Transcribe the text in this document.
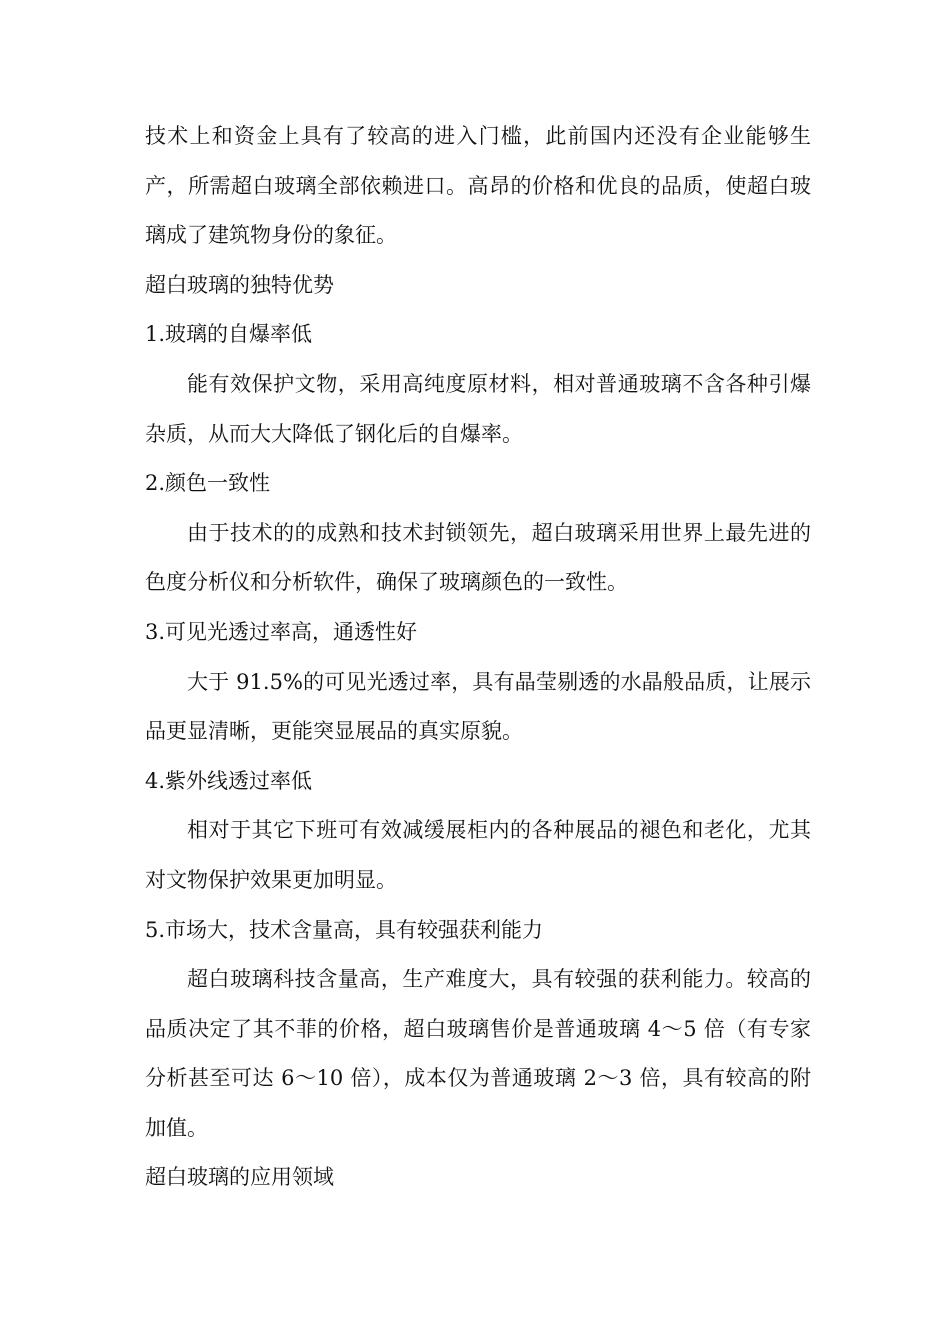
技术上和资金上具有了较高的进入门槛，此前国内还没有企业能够生产，所需超白玻璃全部依赖进口。高昂的价格和优良的品质，使超白玻璃成了建筑物身份的象征。

超白玻璃的独特优势

1.玻璃的自爆率低

能有效保护文物，采用高纯度原材料，相对普通玻璃不含各种引爆杂质，从而大大降低了钢化后的自爆率。

2.颜色一致性

由于技术的的成熟和技术封锁领先，超白玻璃采用世界上最先进的色度分析仪和分析软件，确保了玻璃颜色的一致性。

3.可见光透过率高，通透性好

大于 91.5%的可见光透过率，具有晶莹剔透的水晶般品质，让展示品更显清晰，更能突显展品的真实原貌。

4.紫外线透过率低

相对于其它下班可有效减缓展柜内的各种展品的褪色和老化，尤其对文物保护效果更加明显。

5.市场大，技术含量高，具有较强获利能力

超白玻璃科技含量高，生产难度大，具有较强的获利能力。较高的品质决定了其不菲的价格，超白玻璃售价是普通玻璃 4～5 倍（有专家分析甚至可达 6～10 倍），成本仅为普通玻璃 2～3 倍，具有较高的附加值。

超白玻璃的应用领域
